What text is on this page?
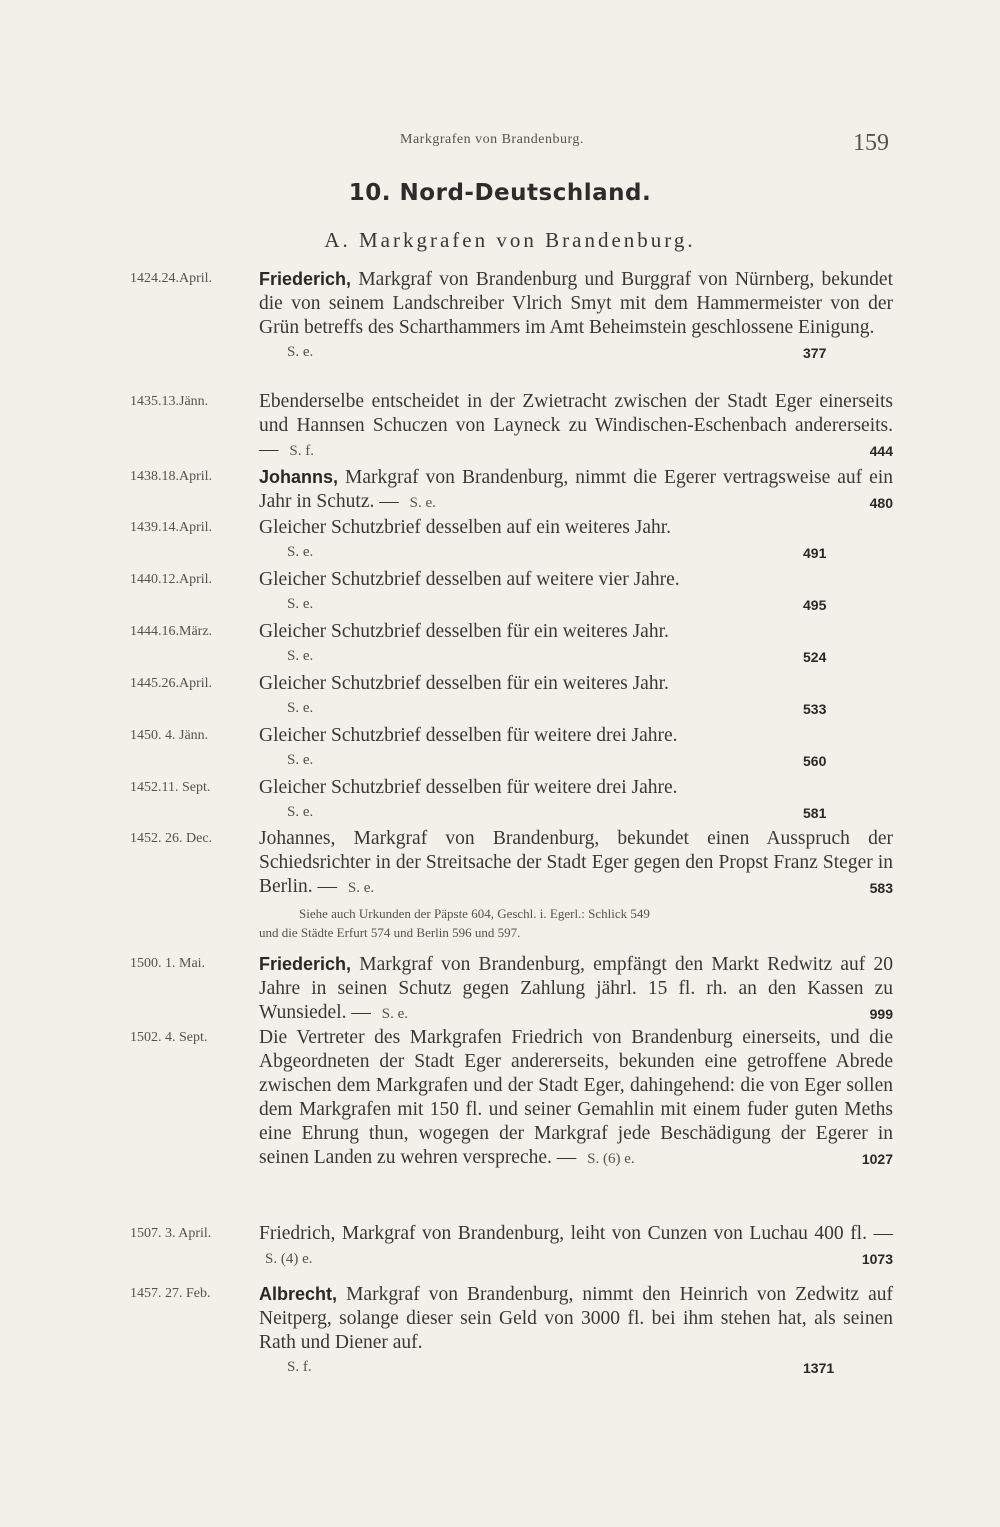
Markgrafen von Brandenburg.	159
10. Nord-Deutschland.
A. Markgrafen von Brandenburg.
1424.24.April.	Friederich, Markgraf von Brandenburg und Burggraf von Nürnberg, bekundet die von seinem Landschreiber Vlrich Smyt mit dem Hammermeister von der Grün betreffs des Scharthammers im Amt Beheimstein geschlossene Einigung.
S. e.	377
1435.13.Jänn.	Ebenderselbe entscheidet in der Zwietracht zwischen der Stadt Eger einerseits und Hannsen Schuczen von Layneck zu Windischen-Eschenbach andererseits. — S. f.	444
1438.18.April.	Johanns, Markgraf von Brandenburg, nimmt die Egerer vertragsweise auf ein Jahr in Schutz. — S. e.	480
1439.14.April.	Gleicher Schutzbrief desselben auf ein weiteres Jahr.
S. e.	491
1440.12.April.	Gleicher Schutzbrief desselben auf weitere vier Jahre.
S. e.	495
1444.16.März.	Gleicher Schutzbrief desselben für ein weiteres Jahr.
S. e.	524
1445.26.April.	Gleicher Schutzbrief desselben für ein weiteres Jahr.
S. e.	533
1450. 4. Jänn.	Gleicher Schutzbrief desselben für weitere drei Jahre.
S. e.	560
1452.11. Sept.	Gleicher Schutzbrief desselben für weitere drei Jahre.
S. e.	581
1452. 26. Dec.	Johannes, Markgraf von Brandenburg, bekundet einen Ausspruch der Schiedsrichter in der Streitsache der Stadt Eger gegen den Propst Franz Steger in Berlin. — S. e.	583
Siehe auch Urkunden der Päpste 604, Geschl. i. Egerl.: Schlick 549
und die Städte Erfurt 574 und Berlin 596 und 597.
1500. 1. Mai.	Friederich, Markgraf von Brandenburg, empfängt den Markt Redwitz auf 20 Jahre in seinen Schutz gegen Zahlung jährl. 15 fl. rh. an den Kassen zu Wunsiedel. — S. e.	999
1502. 4. Sept.	Die Vertreter des Markgrafen Friedrich von Brandenburg einerseits, und die Abgeordneten der Stadt Eger andererseits, bekunden eine getroffene Abrede zwischen dem Markgrafen und der Stadt Eger, dahingehend: die von Eger sollen dem Markgrafen mit 150 fl. und seiner Gemahlin mit einem fuder guten Meths eine Ehrung thun, wogegen der Markgraf jede Beschädigung der Egerer in seinen Landen zu wehren verspreche. — S. (6) e.	1027
1507. 3. April.	Friedrich, Markgraf von Brandenburg, leiht von Cunzen von Luchau 400 fl. — S. (4) e.	1073
1457. 27. Feb.	Albrecht, Markgraf von Brandenburg, nimmt den Heinrich von Zedwitz auf Neitperg, solange dieser sein Geld von 3000 fl. bei ihm stehen hat, als seinen Rath und Diener auf.
S. f.	1371
